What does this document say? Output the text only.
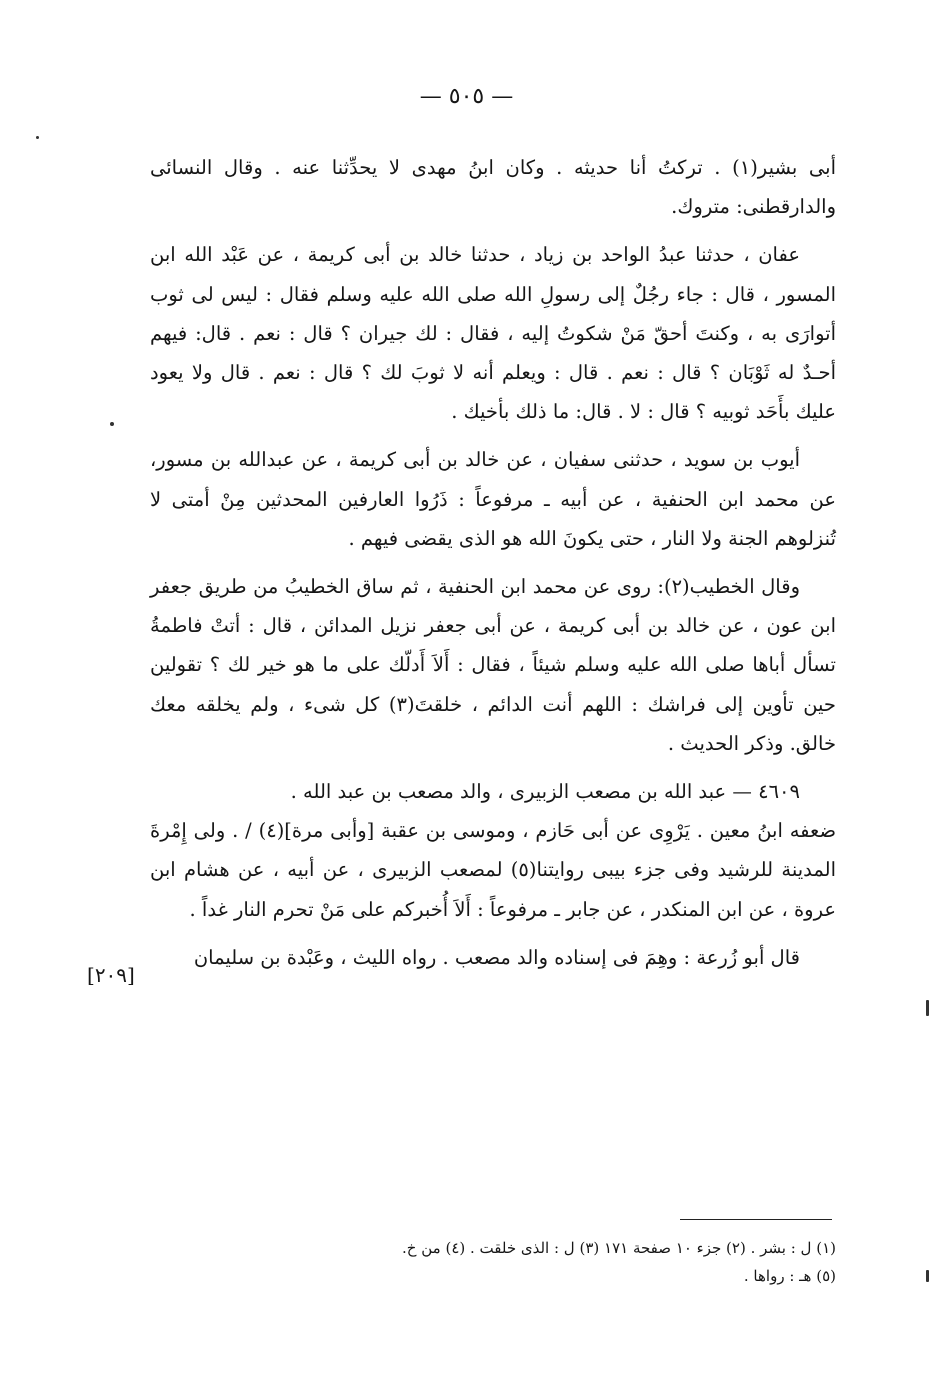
— ٥٠٥ —

أبى بشير(١) . تركتُ أنا حديثه . وكان ابنُ مهدى لا يحدِّثنا عنه . وقال النسائى والدارقطنى: متروك.

عفان ، حدثنا عبدُ الواحد بن زياد ، حدثنا خالد بن أبى كريمة ، عن عَبْد الله ابن المسور ، قال : جاء رجُلٌ إلى رسولِ الله صلى الله عليه وسلم فقال : ليس لى ثوب أتوارَى به ، وكنتَ أحقّ مَنْ شكوتُ إليه ، فقال : لك جيران ؟ قال : نعم . قال: فيهم أحـدٌ له ثَوْبَان ؟ قال : نعم . قال : ويعلم أنه لا ثوبَ لك ؟ قال : نعم . قال ولا يعود عليك بأَحَد ثوبيه ؟ قال : لا . قال: ما ذلك بأخيك .

أيوب بن سويد ، حدثنى سفيان ، عن خالد بن أبى كريمة ، عن عبدالله بن مسور، عن محمد ابن الحنفية ، عن أبيه ـ مرفوعاً : ذَرُوا العارفين المحدثين مِنْ أمتى لا تُنزلوهم الجنة ولا النار ، حتى يكونَ الله هو الذى يقضى فيهم .

وقال الخطيب(٢): روى عن محمد ابن الحنفية ، ثم ساق الخطيبُ من طريق جعفر ابن عون ، عن خالد بن أبى كريمة ، عن أبى جعفر نزيل المدائن ، قال : أتتْ فاطمةُ تسأل أباها صلى الله عليه وسلم شيئاً ، فقال : أَلاَ أَدلّك على ما هو خير لك ؟ تقولين حين تأوين إلى فراشك : اللهم أنت الدائم ، خلقتَ(٣) كل شىء ، ولم يخلقه معك خالق. وذكر الحديث .

٤٦٠٩ — عبد الله بن مصعب الزبيرى ، والد مصعب بن عبد الله .

ضعفه ابنُ معين . يَرْوِى عن أبى حَازم ، وموسى بن عقبة [وأبى مرة](٤) / . ولى إِمْرةَ المدينة للرشيد وفى جزء بيبى روايتنا(٥) لمصعب الزبيرى ، عن أبيه ، عن هشام ابن عروة ، عن ابن المنكدر ، عن جابر ـ مرفوعاً : أَلاَ أُخبركم على مَنْ تحرم النار غداً .

قال أبو زُرعة : وهِمَ فى إسناده والد مصعب . رواه الليث ، وعَبْدة بن سليمان

[٢٠٩]

(١) ل : بشر . (٢) جزء ١٠ صفحة ١٧١ (٣) ل : الذى خلقت . (٤) من خ.

(٥) هـ : رواها .
